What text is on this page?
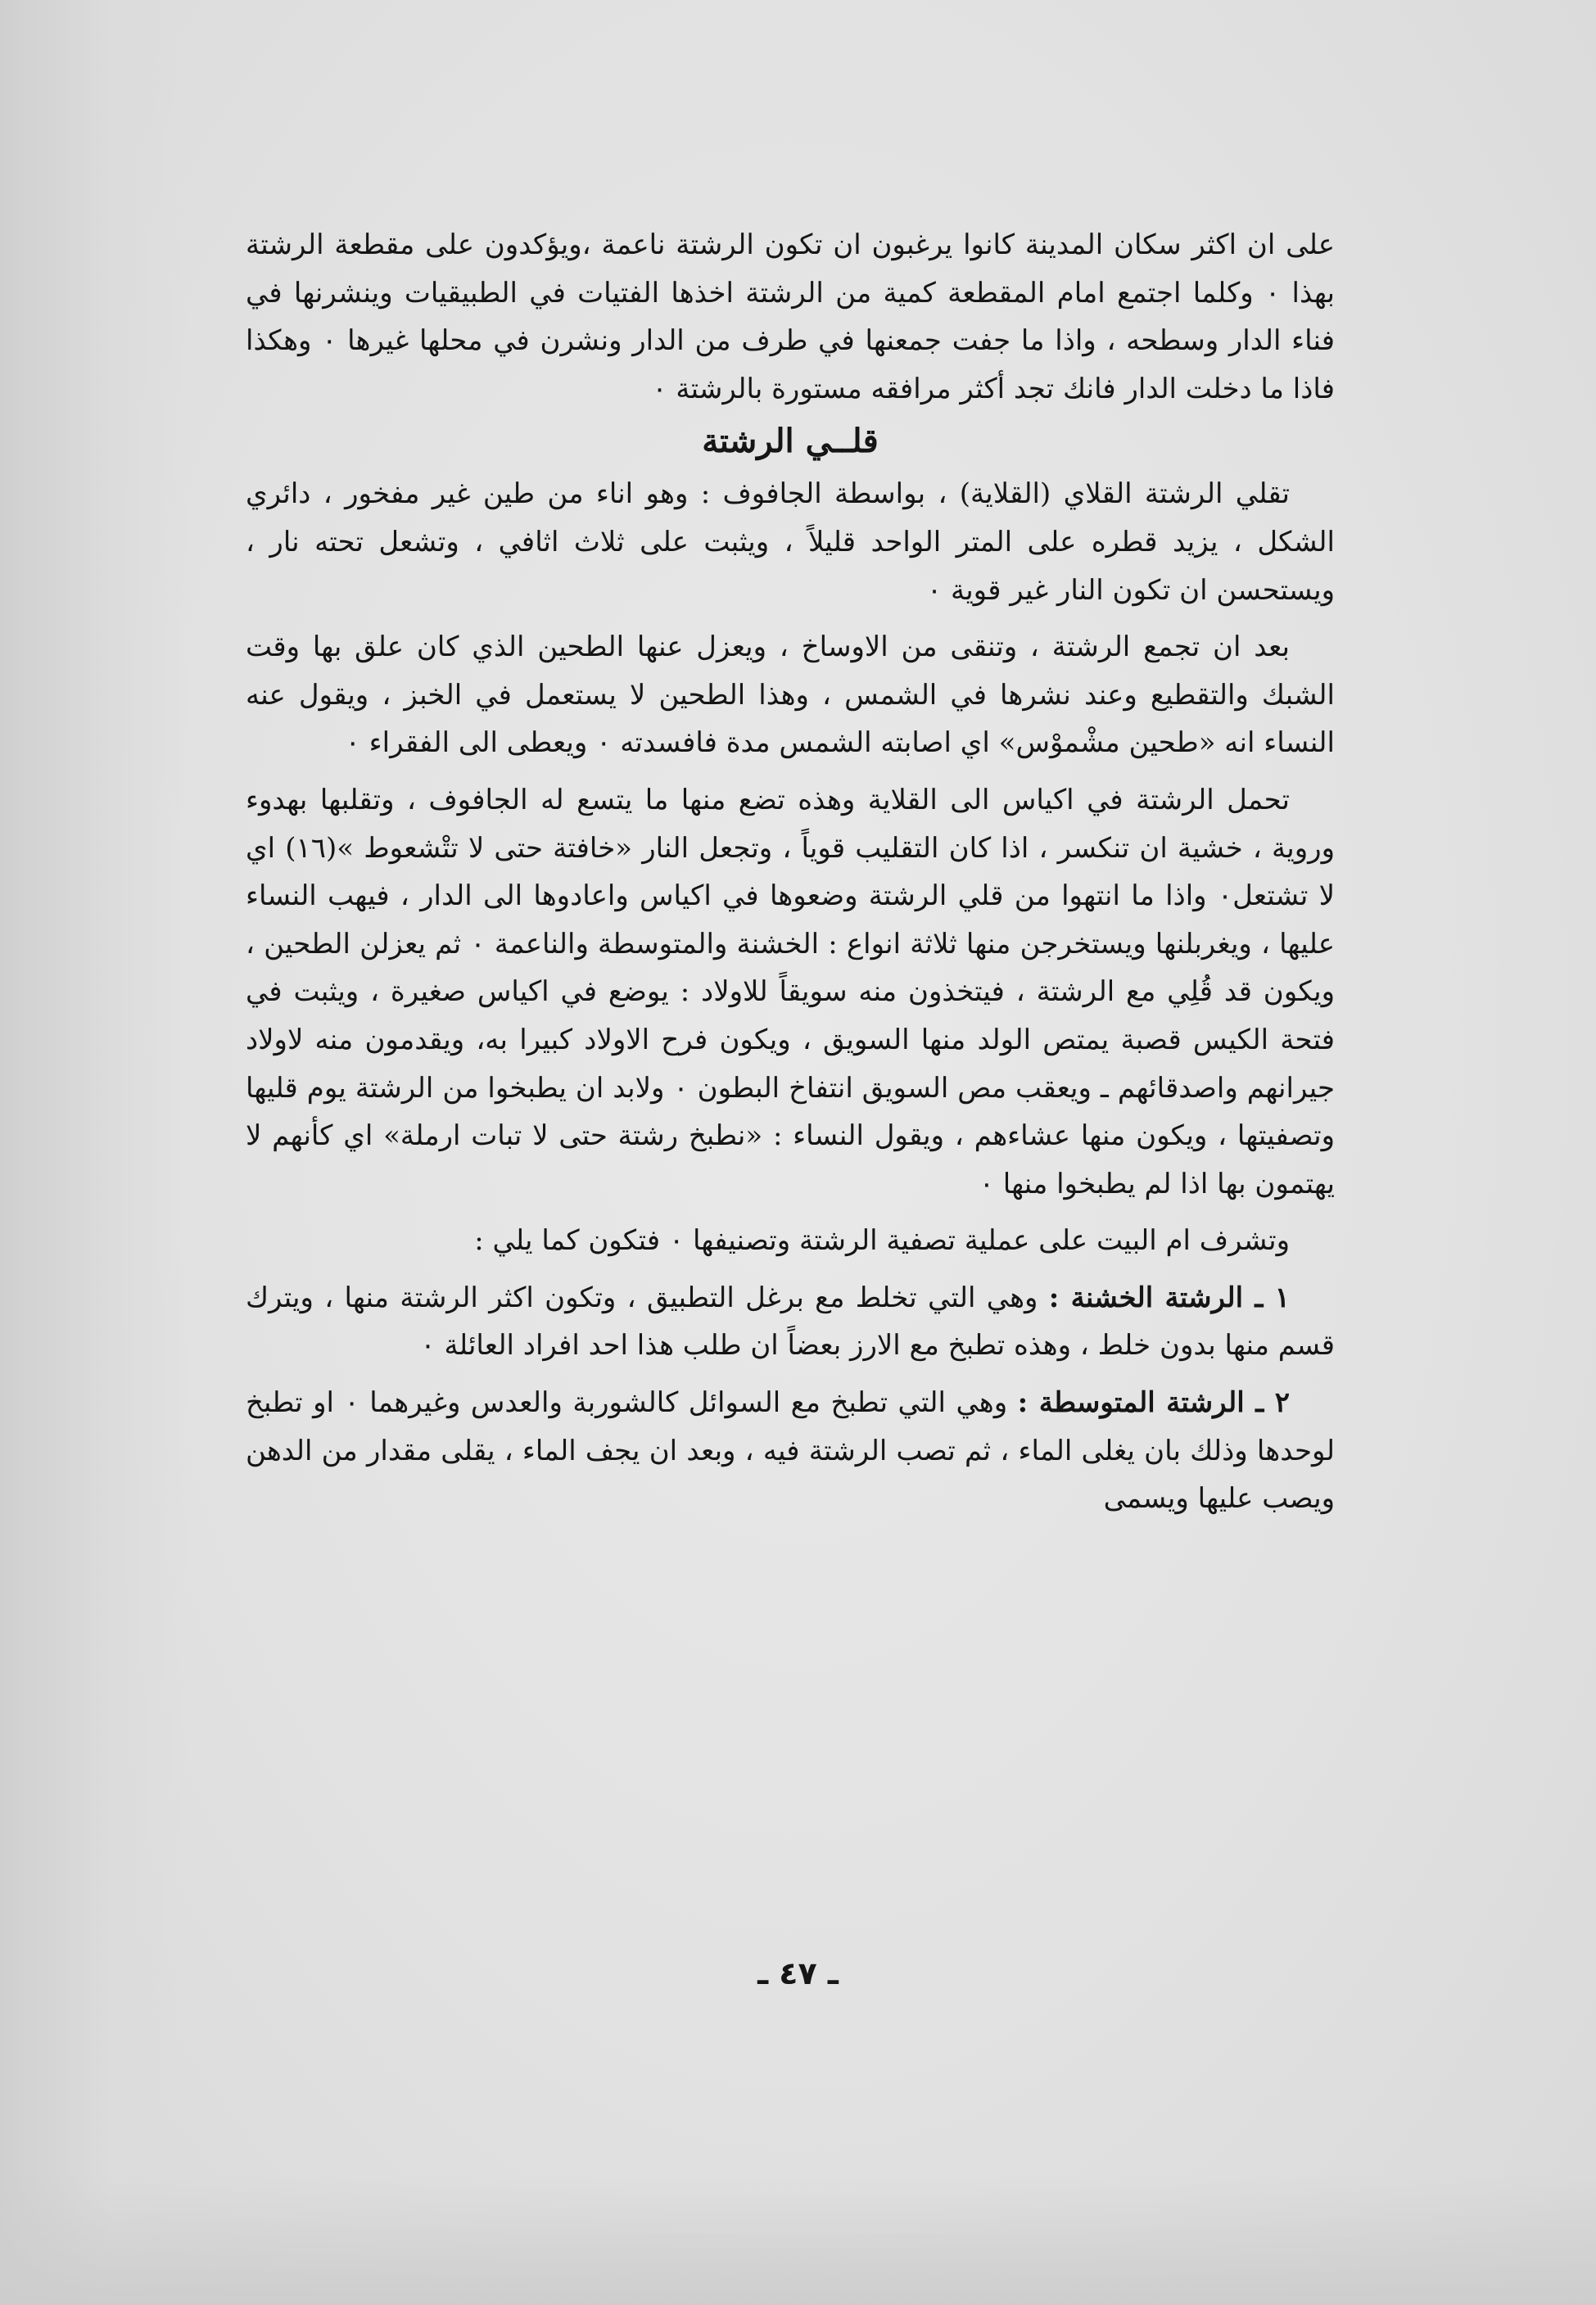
على ان اكثر سكان المدينة كانوا يرغبون ان تكون الرشتة ناعمة ،ويؤكدون على مقطعة الرشتة بهذا ٠ وكلما اجتمع امام المقطعة كمية من الرشتة اخذها الفتيات في الطبيقيات وينشرنها في فناء الدار وسطحه ، واذا ما جفت جمعنها في طرف من الدار ونشرن في محلها غيرها ٠ وهكذا فاذا ما دخلت الدار فانك تجد أكثر مرافقه مستورة بالرشتة ٠

قلــي الرشتة

تقلي الرشتة القلاي (القلاية) ، بواسطة الجافوف : وهو اناء من طين غير مفخور ، دائري الشكل ، يزيد قطره على المتر الواحد قليلاً ، ويثبت على ثلاث اثافي ، وتشعل تحته نار ، ويستحسن ان تكون النار غير قوية ٠

بعد ان تجمع الرشتة ، وتنقى من الاوساخ ، ويعزل عنها الطحين الذي كان علق بها وقت الشبك والتقطيع وعند نشرها في الشمس ، وهذا الطحين لا يستعمل في الخبز ، ويقول عنه النساء انه «طحين مشْموْس» اي اصابته الشمس مدة فافسدته ٠ ويعطى الى الفقراء ٠

تحمل الرشتة في اكياس الى القلاية وهذه تضع منها ما يتسع له الجافوف ، وتقلبها بهدوء وروية ، خشية ان تنكسر ، اذا كان التقليب قوياً ، وتجعل النار «خافتة حتى لا تتْشعوط »(١٦) اي لا تشتعل٠ واذا ما انتهوا من قلي الرشتة وضعوها في اكياس واعادوها الى الدار ، فيهب النساء عليها ، ويغربلنها ويستخرجن منها ثلاثة انواع : الخشنة والمتوسطة والناعمة ٠ ثم يعزلن الطحين ، ويكون قد قُلِي مع الرشتة ، فيتخذون منه سويقاً للاولاد : يوضع في اكياس صغيرة ، ويثبت في فتحة الكيس قصبة يمتص الولد منها السويق ، ويكون فرح الاولاد كبيرا به، ويقدمون منه لاولاد جيرانهم واصدقائهم ـ ويعقب مص السويق انتفاخ البطون ٠ ولابد ان يطبخوا من الرشتة يوم قليها وتصفيتها ، ويكون منها عشاءهم ، ويقول النساء : «نطبخ رشتة حتى لا تبات ارملة» اي كأنهم لا يهتمون بها اذا لم يطبخوا منها ٠

وتشرف ام البيت على عملية تصفية الرشتة وتصنيفها ٠ فتكون كما يلي :

١ ـ الرشتة الخشنة : وهي التي تخلط مع برغل التطبيق ، وتكون اكثر الرشتة منها ، ويترك قسم منها بدون خلط ، وهذه تطبخ مع الارز بعضاً ان طلب هذا احد افراد العائلة ٠

٢ ـ الرشتة المتوسطة : وهي التي تطبخ مع السوائل كالشوربة والعدس وغيرهما ٠ او تطبخ لوحدها وذلك بان يغلى الماء ، ثم تصب الرشتة فيه ، وبعد ان يجف الماء ، يقلى مقدار من الدهن ويصب عليها ويسمى

ـ ٤٧ ـ
